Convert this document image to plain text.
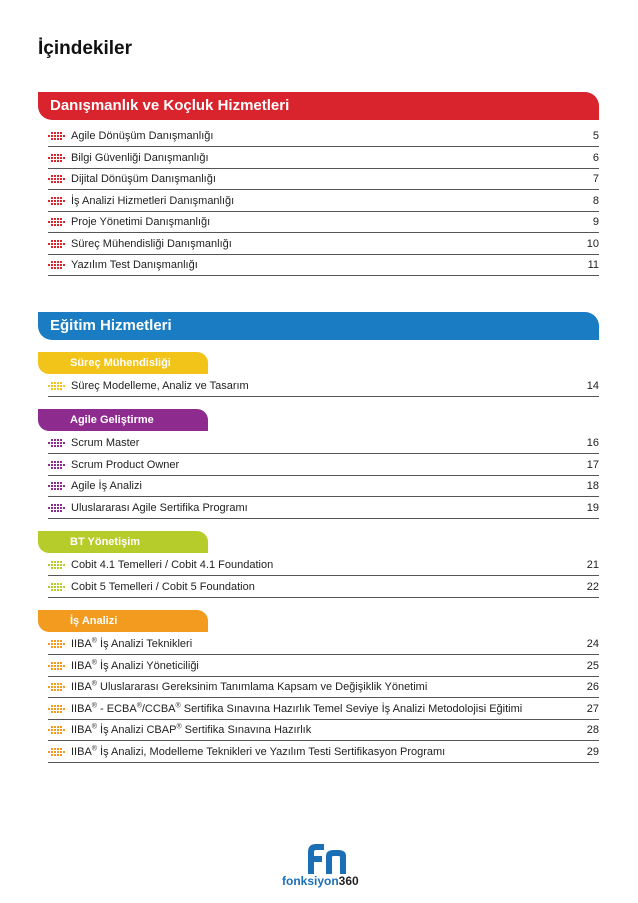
İçindekiler
Danışmanlık ve Koçluk Hizmetleri
Agile Dönüşüm Danışmanlığı	5
Bilgi Güvenliği Danışmanlığı	6
Dijital Dönüşüm Danışmanlığı	7
İş Analizi Hizmetleri Danışmanlığı	8
Proje Yönetimi Danışmanlığı	9
Süreç Mühendisliği Danışmanlığı	10
Yazılım Test Danışmanlığı	11
Eğitim Hizmetleri
Süreç Mühendisliği
Süreç Modelleme, Analiz ve Tasarım	14
Agile Geliştirme
Scrum Master	16
Scrum Product Owner	17
Agile İş Analizi	18
Uluslararası Agile Sertifika Programı	19
BT Yönetişim
Cobit 4.1 Temelleri / Cobit 4.1 Foundation	21
Cobit 5 Temelleri / Cobit 5 Foundation	22
İş Analizi
IIBA® İş Analizi Teknikleri	24
IIBA® İş Analizi Yöneticiliği	25
IIBA® Uluslararası Gereksinim Tanımlama Kapsam ve Değişiklik Yönetimi	26
IIBA® - ECBA®/CCBA® Sertifika Sınavına Hazırlık Temel Seviye İş Analizi Metodolojisi Eğitimi	27
IIBA® İş Analizi CBAP® Sertifika Sınavına Hazırlık	28
IIBA® İş Analizi, Modelleme Teknikleri ve Yazılım Testi Sertifikasyon Programı	29
fonksiyon360
